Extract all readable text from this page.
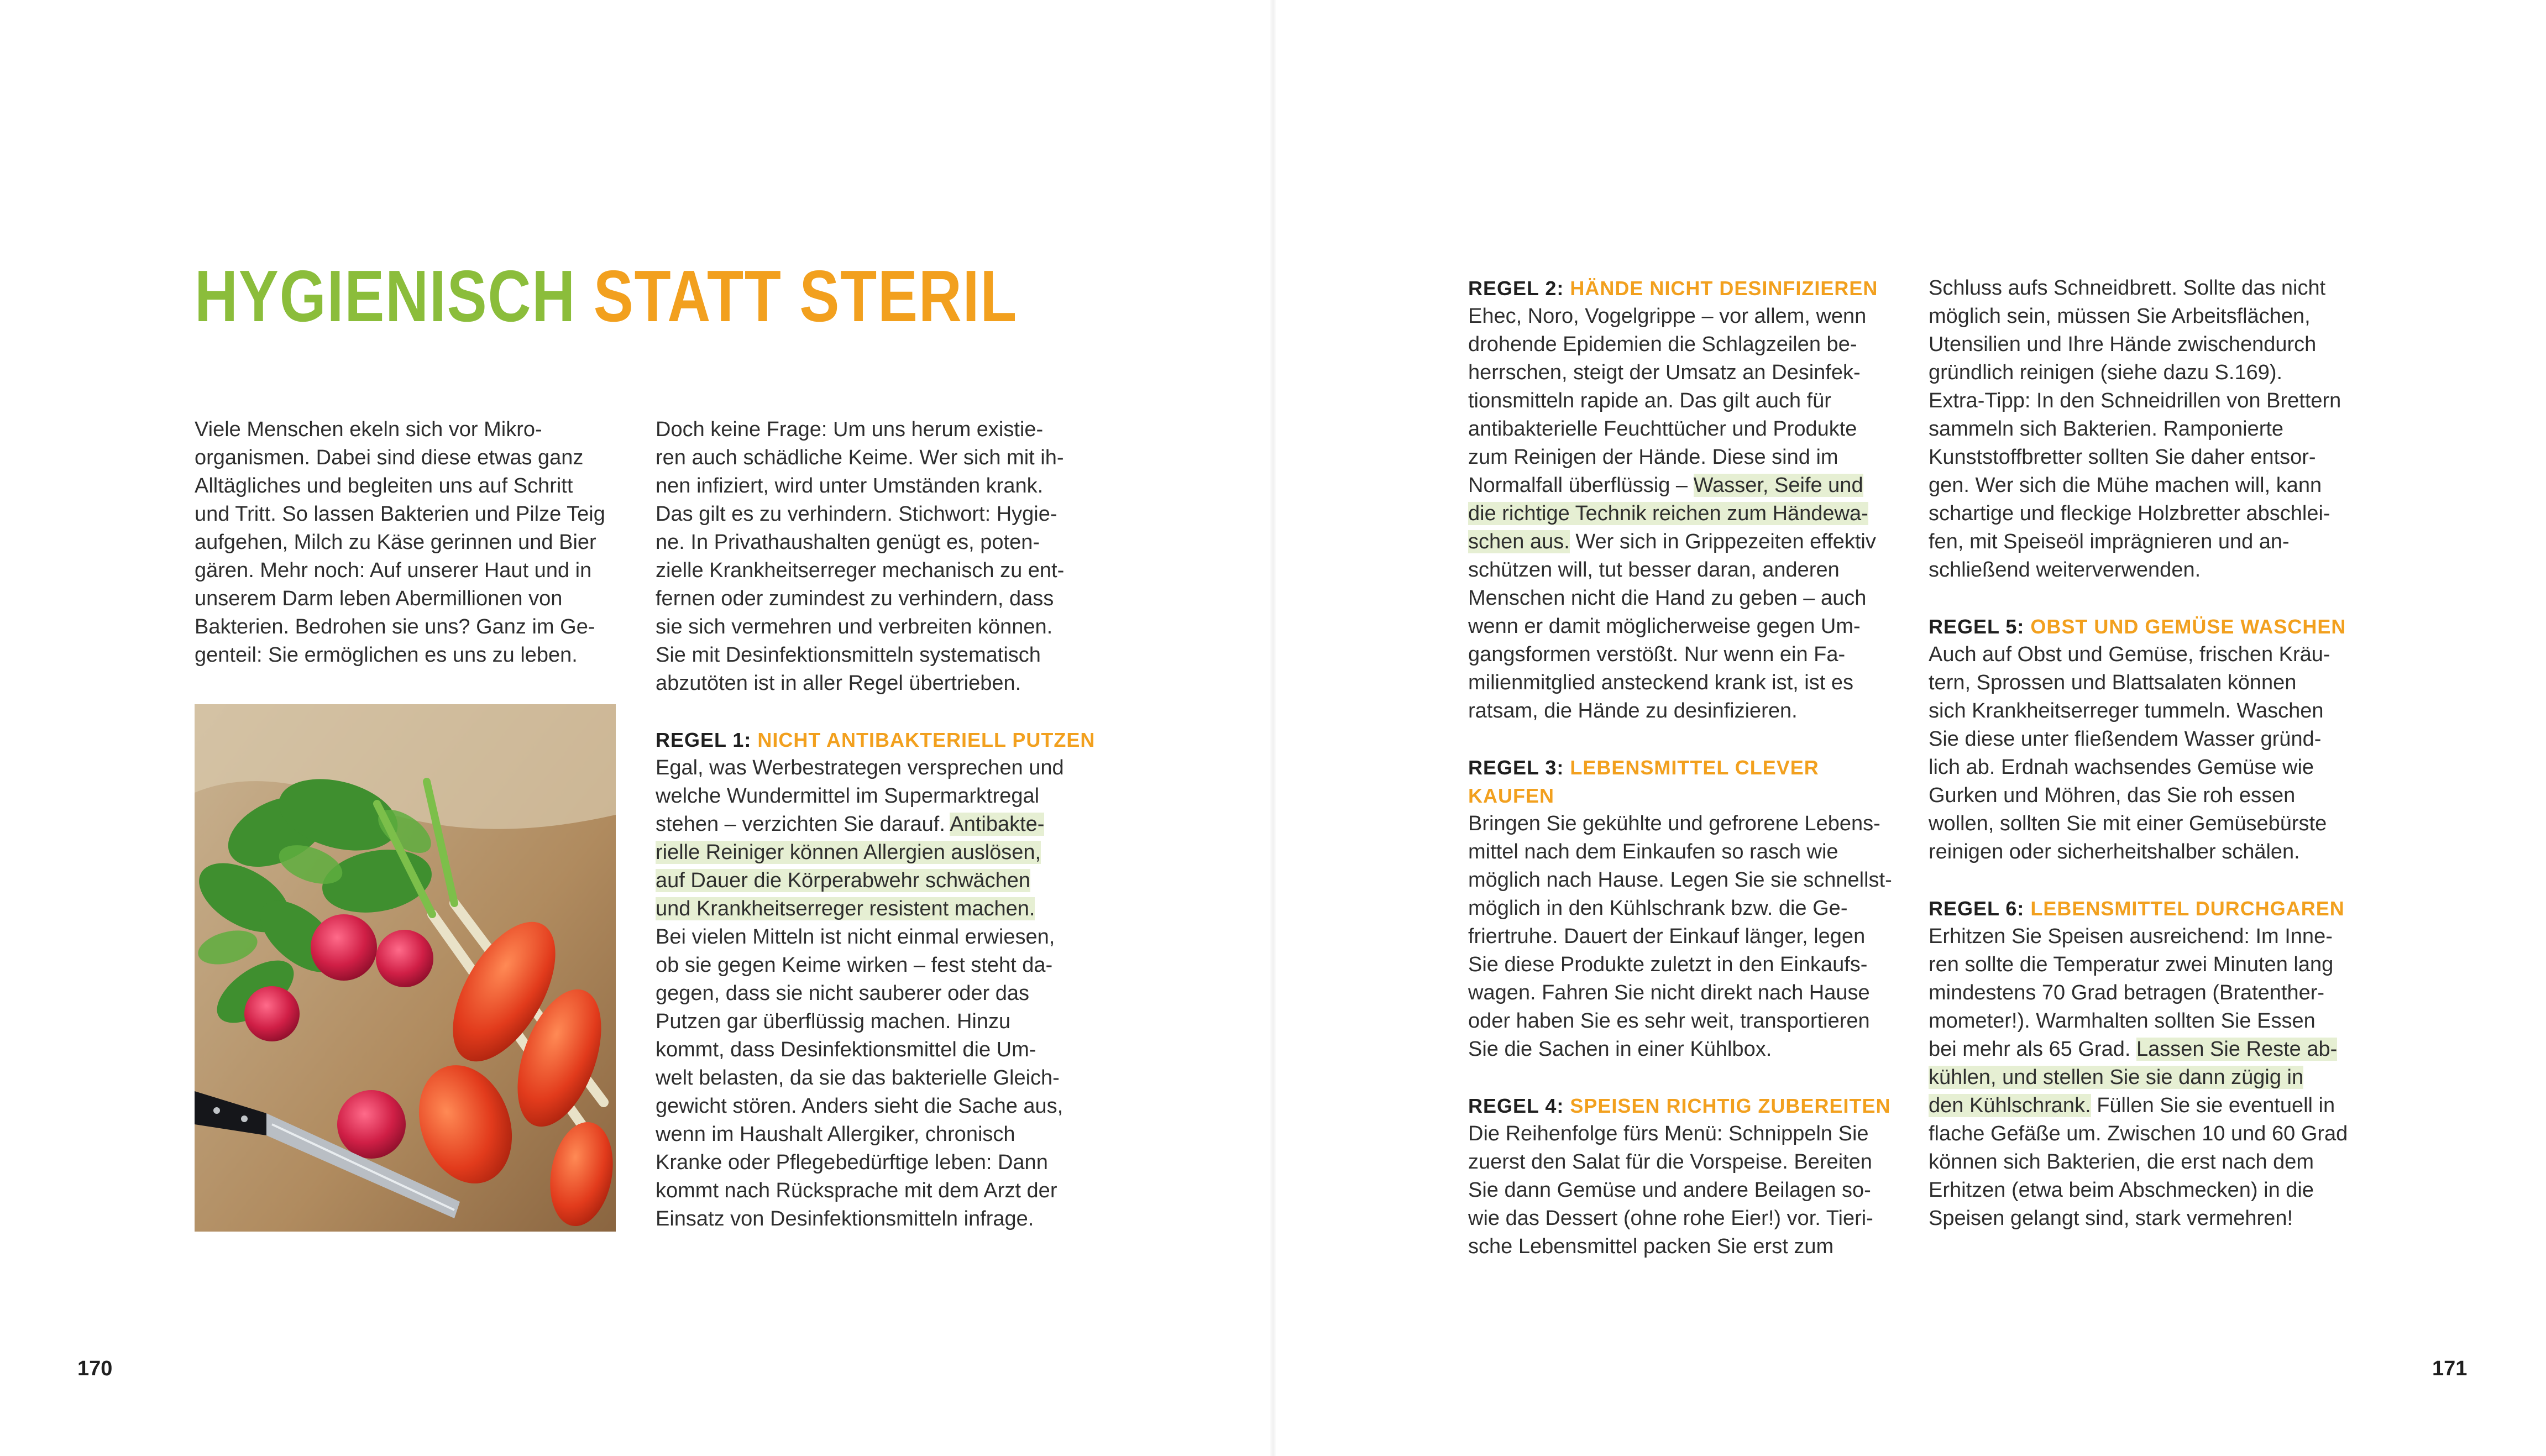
HYGIENISCH STATT STERIL

Viele Menschen ekeln sich vor Mikro-
organismen. Dabei sind diese etwas ganz
Alltägliches und begleiten uns auf Schritt
und Tritt. So lassen Bakterien und Pilze Teig
aufgehen, Milch zu Käse gerinnen und Bier
gären. Mehr noch: Auf unserer Haut und in
unserem Darm leben Abermillionen von
Bakterien. Bedrohen sie uns? Ganz im Ge-
genteil: Sie ermöglichen es uns zu leben.

Doch keine Frage: Um uns herum existie-
ren auch schädliche Keime. Wer sich mit ih-
nen infiziert, wird unter Umständen krank.
Das gilt es zu verhindern. Stichwort: Hygie-
ne. In Privathaushalten genügt es, poten-
zielle Krankheitserreger mechanisch zu ent-
fernen oder zumindest zu verhindern, dass
sie sich vermehren und verbreiten können.
Sie mit Desinfektionsmitteln systematisch
abzutöten ist in aller Regel übertrieben.

REGEL 1: NICHT ANTIBAKTERIELL PUTZEN

Egal, was Werbestrategen versprechen und
welche Wundermittel im Supermarktregal
stehen – verzichten Sie darauf. Antibakte-
rielle Reiniger können Allergien auslösen,
auf Dauer die Körperabwehr schwächen
und Krankheitserreger resistent machen.
Bei vielen Mitteln ist nicht einmal erwiesen,
ob sie gegen Keime wirken – fest steht da-
gegen, dass sie nicht sauberer oder das
Putzen gar überflüssig machen. Hinzu
kommt, dass Desinfektionsmittel die Um-
welt belasten, da sie das bakterielle Gleich-
gewicht stören. Anders sieht die Sache aus,
wenn im Haushalt Allergiker, chronisch
Kranke oder Pflegebedürftige leben: Dann
kommt nach Rücksprache mit dem Arzt der
Einsatz von Desinfektionsmitteln infrage.

170
REGEL 2: HÄNDE NICHT DESINFIZIEREN

Ehec, Noro, Vogelgrippe – vor allem, wenn
drohende Epidemien die Schlagzeilen be-
herrschen, steigt der Umsatz an Desinfek-
tionsmitteln rapide an. Das gilt auch für
antibakterielle Feuchttücher und Produkte
zum Reinigen der Hände. Diese sind im
Normalfall überflüssig – Wasser, Seife und
die richtige Technik reichen zum Händewa-
schen aus. Wer sich in Grippezeiten effektiv
schützen will, tut besser daran, anderen
Menschen nicht die Hand zu geben – auch
wenn er damit möglicherweise gegen Um-
gangsformen verstößt. Nur wenn ein Fa-
milienmitglied ansteckend krank ist, ist es
ratsam, die Hände zu desinfizieren.

REGEL 3: LEBENSMITTEL CLEVER KAUFEN

Bringen Sie gekühlte und gefrorene Lebens-
mittel nach dem Einkaufen so rasch wie
möglich nach Hause. Legen Sie sie schnellst-
möglich in den Kühlschrank bzw. die Ge-
friertruhe. Dauert der Einkauf länger, legen
Sie diese Produkte zuletzt in den Einkaufs-
wagen. Fahren Sie nicht direkt nach Hause
oder haben Sie es sehr weit, transportieren
Sie die Sachen in einer Kühlbox.

REGEL 4: SPEISEN RICHTIG ZUBEREITEN

Die Reihenfolge fürs Menü: Schnippeln Sie
zuerst den Salat für die Vorspeise. Bereiten
Sie dann Gemüse und andere Beilagen so-
wie das Dessert (ohne rohe Eier!) vor. Tieri-
sche Lebensmittel packen Sie erst zum

Schluss aufs Schneidbrett. Sollte das nicht
möglich sein, müssen Sie Arbeitsflächen,
Utensilien und Ihre Hände zwischendurch
gründlich reinigen (siehe dazu S.169).
Extra-Tipp: In den Schneidrillen von Brettern
sammeln sich Bakterien. Ramponierte
Kunststoffbretter sollten Sie daher entsor-
gen. Wer sich die Mühe machen will, kann
schartige und fleckige Holzbretter abschlei-
fen, mit Speiseöl imprägnieren und an-
schließend weiterverwenden.

REGEL 5: OBST UND GEMÜSE WASCHEN

Auch auf Obst und Gemüse, frischen Kräu-
tern, Sprossen und Blattsalaten können
sich Krankheitserreger tummeln. Waschen
Sie diese unter fließendem Wasser gründ-
lich ab. Erdnah wachsendes Gemüse wie
Gurken und Möhren, das Sie roh essen
wollen, sollten Sie mit einer Gemüsebürste
reinigen oder sicherheitshalber schälen.

REGEL 6: LEBENSMITTEL DURCHGAREN

Erhitzen Sie Speisen ausreichend: Im Inne-
ren sollte die Temperatur zwei Minuten lang
mindestens 70 Grad betragen (Bratenther-
mometer!). Warmhalten sollten Sie Essen
bei mehr als 65 Grad. Lassen Sie Reste ab-
kühlen, und stellen Sie sie dann zügig in
den Kühlschrank. Füllen Sie sie eventuell in
flache Gefäße um. Zwischen 10 und 60 Grad
können sich Bakterien, die erst nach dem
Erhitzen (etwa beim Abschmecken) in die
Speisen gelangt sind, stark vermehren!

171
